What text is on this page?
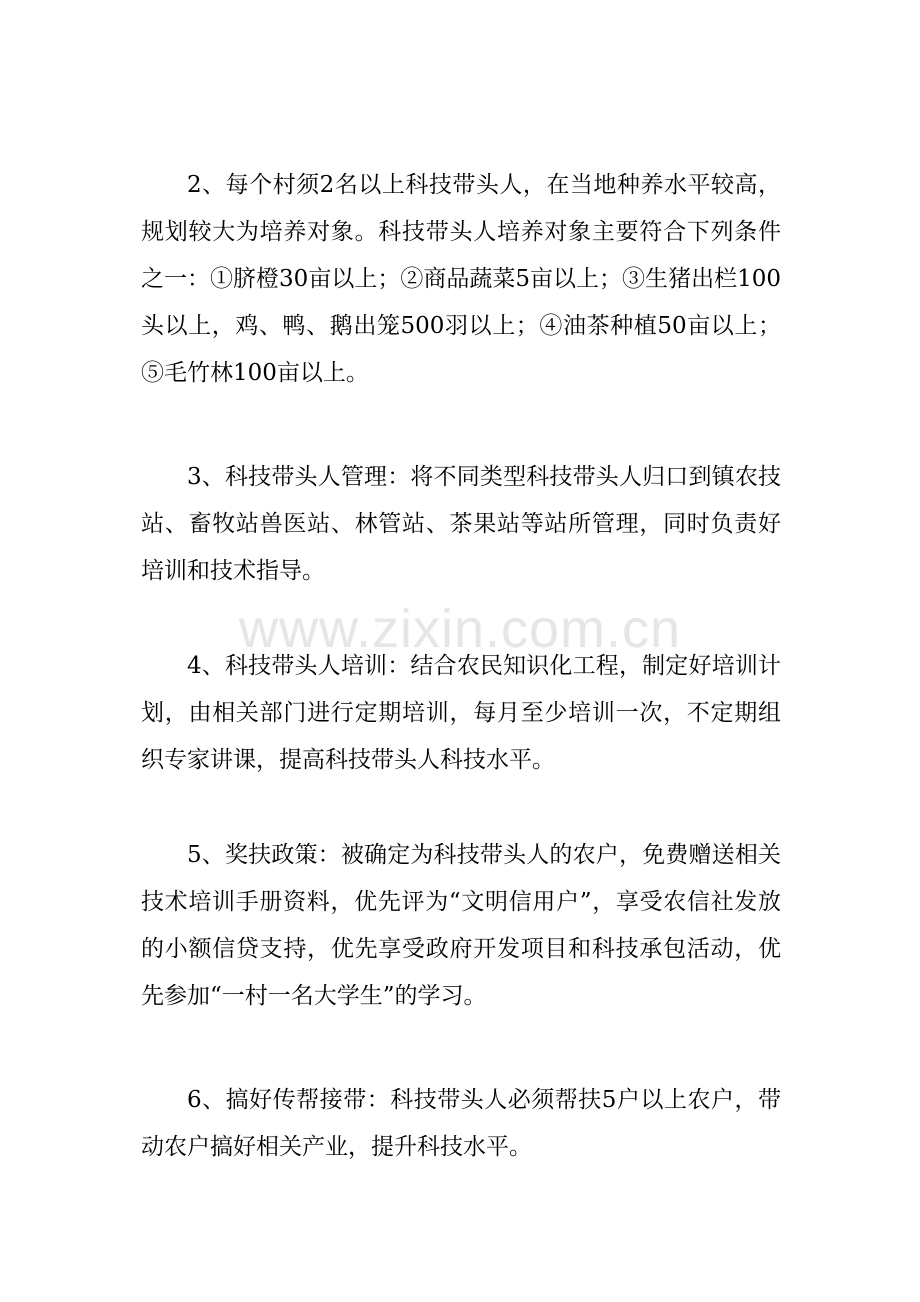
www.zixin.com.cn

2、每个村须2名以上科技带头人，在当地种养水平较高，规划较大为培养对象。科技带头人培养对象主要符合下列条件之一：①脐橙30亩以上；②商品蔬菜5亩以上；③生猪出栏100头以上，鸡、鸭、鹅出笼500羽以上；④油茶种植50亩以上；⑤毛竹林100亩以上。

3、科技带头人管理：将不同类型科技带头人归口到镇农技站、畜牧站兽医站、林管站、茶果站等站所管理，同时负责好培训和技术指导。

4、科技带头人培训：结合农民知识化工程，制定好培训计划，由相关部门进行定期培训，每月至少培训一次，不定期组织专家讲课，提高科技带头人科技水平。

5、奖扶政策：被确定为科技带头人的农户，免费赠送相关技术培训手册资料，优先评为“文明信用户”，享受农信社发放的小额信贷支持，优先享受政府开发项目和科技承包活动，优先参加“一村一名大学生”的学习。

6、搞好传帮接带：科技带头人必须帮扶5户以上农户，带动农户搞好相关产业，提升科技水平。
